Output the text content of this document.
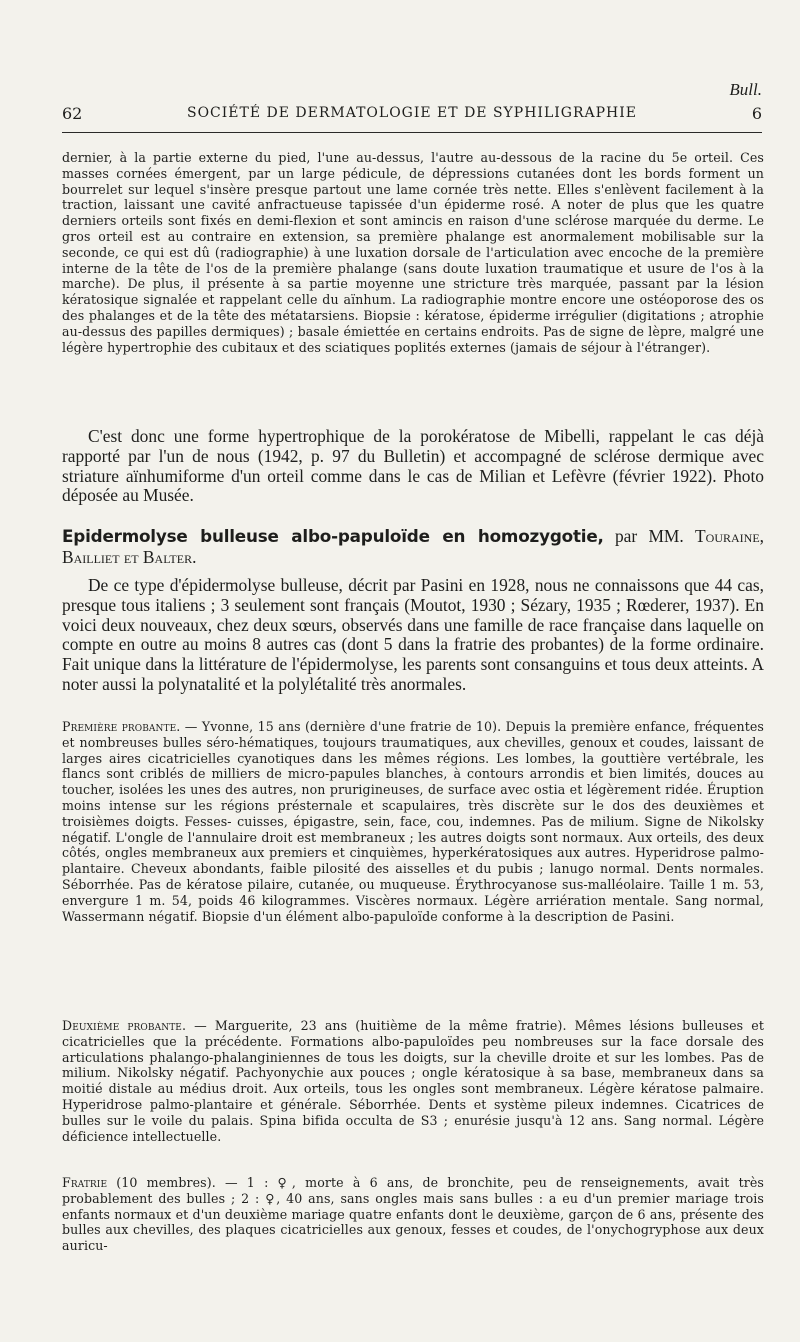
Bull.
62	SOCIÉTÉ DE DERMATOLOGIE ET DE SYPHILIGRAPHIE	6

dernier, à la partie externe du pied, l'une au-dessus, l'autre au-dessous de la racine du 5e orteil. Ces masses cornées émergent, par un large pédicule, de dépressions cutanées dont les bords forment un bourrelet sur lequel s'insère presque partout une lame cornée très nette. Elles s'enlèvent facilement à la traction, laissant une cavité anfractueuse tapissée d'un épiderme rosé. A noter de plus que les quatre derniers orteils sont fixés en demi-flexion et sont amincis en raison d'une sclérose marquée du derme. Le gros orteil est au contraire en extension, sa première phalange est anormalement mobilisable sur la seconde, ce qui est dû (radiographie) à une luxation dorsale de l'articulation avec encoche de la première interne de la tête de l'os de la première phalange (sans doute luxation traumatique et usure de l'os à la marche). De plus, il présente à sa partie moyenne une stricture très marquée, passant par la lésion kératosique signalée et rappelant celle du aïnhum. La radiographie montre encore une ostéoporose des os des phalanges et de la tête des métatarsiens. Biopsie : kératose, épiderme irrégulier (digitations ; atrophie au-dessus des papilles dermiques) ; basale émiettée en certains endroits. Pas de signe de lèpre, malgré une légère hypertrophie des cubitaux et des sciatiques poplités externes (jamais de séjour à l'étranger).

C'est donc une forme hypertrophique de la porokératose de Mibelli, rappelant le cas déjà rapporté par l'un de nous (1942, p. 97 du Bulletin) et accompagné de sclérose dermique avec striature aïnhumiforme d'un orteil comme dans le cas de Milian et Lefèvre (février 1922). Photo déposée au Musée.

Epidermolyse bulleuse albo-papuloïde en homozygotie, par MM. Touraine, Bailliet et Balter.

De ce type d'épidermolyse bulleuse, décrit par Pasini en 1928, nous ne connaissons que 44 cas, presque tous italiens ; 3 seulement sont français (Moutot, 1930 ; Sézary, 1935 ; Rœderer, 1937). En voici deux nouveaux, chez deux sœurs, observés dans une famille de race française dans laquelle on compte en outre au moins 8 autres cas (dont 5 dans la fratrie des probantes) de la forme ordinaire. Fait unique dans la littérature de l'épidermolyse, les parents sont consanguins et tous deux atteints. A noter aussi la polynatalité et la polylétalité très anormales.

Première probante. — Yvonne, 15 ans (dernière d'une fratrie de 10). Depuis la première enfance, fréquentes et nombreuses bulles séro-hématiques, toujours traumatiques, aux chevilles, genoux et coudes, laissant de larges aires cicatricielles cyanotiques dans les mêmes régions. Les lombes, la gouttière vertébrale, les flancs sont criblés de milliers de micro-papules blanches, à contours arrondis et bien limités, douces au toucher, isolées les unes des autres, non prurigineuses, de surface avec ostia et légèrement ridée. Éruption moins intense sur les régions présternale et scapulaires, très discrète sur le dos des deuxièmes et troisièmes doigts. Fesses- cuisses, épigastre, sein, face, cou, indemnes. Pas de milium. Signe de Nikolsky négatif. L'ongle de l'annulaire droit est membraneux ; les autres doigts sont normaux. Aux orteils, des deux côtés, ongles membraneux aux premiers et cinquièmes, hyperkératosiques aux autres. Hyperidrose palmo-plantaire. Cheveux abondants, faible pilosité des aisselles et du pubis ; lanugo normal. Dents normales. Séborrhée. Pas de kératose pilaire, cutanée, ou muqueuse. Érythrocyanose sus-malléolaire. Taille 1 m. 53, envergure 1 m. 54, poids 46 kilogrammes. Viscères normaux. Légère arriération mentale. Sang normal, Wassermann négatif. Biopsie d'un élément albo-papuloïde conforme à la description de Pasini.

Deuxième probante. — Marguerite, 23 ans (huitième de la même fratrie). Mêmes lésions bulleuses et cicatricielles que la précédente. Formations albo-papuloïdes peu nombreuses sur la face dorsale des articulations phalango-phalanginiennes de tous les doigts, sur la cheville droite et sur les lombes. Pas de milium. Nikolsky négatif. Pachyonychie aux pouces ; ongle kératosique à sa base, membraneux dans sa moitié distale au médius droit. Aux orteils, tous les ongles sont membraneux. Légère kératose palmaire. Hyperidrose palmo-plantaire et générale. Séborrhée. Dents et système pileux indemnes. Cicatrices de bulles sur le voile du palais. Spina bifida occulta de S3 ; enurésie jusqu'à 12 ans. Sang normal. Légère déficience intellectuelle.

Fratrie (10 membres). — 1 : ♀, morte à 6 ans, de bronchite, peu de renseignements, avait très probablement des bulles ; 2 : ♀, 40 ans, sans ongles mais sans bulles : a eu d'un premier mariage trois enfants normaux et d'un deuxième mariage quatre enfants dont le deuxième, garçon de 6 ans, présente des bulles aux chevilles, des plaques cicatricielles aux genoux, fesses et coudes, de l'onychogryphose aux deux auricu-
